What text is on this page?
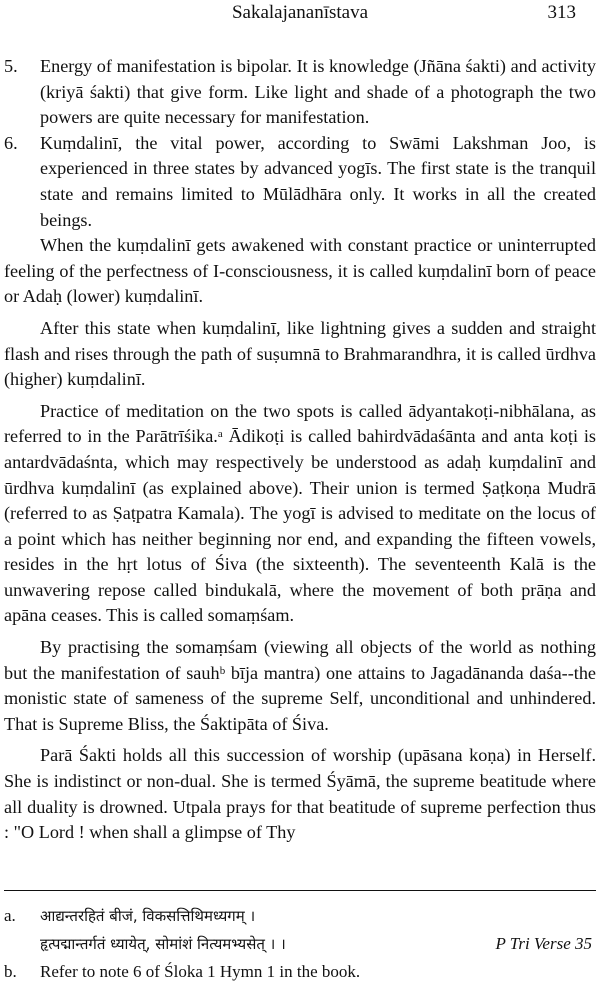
Sakalajananīstava	313

5. Energy of manifestation is bipolar. It is knowledge (Jñāna śakti) and activity (kriyā śakti) that give form. Like light and shade of a photograph the two powers are quite necessary for manifestation.

6. Kuṃdalinī, the vital power, according to Swāmi Lakshman Joo, is experienced in three states by advanced yogīs. The first state is the tranquil state and remains limited to Mūlādhāra only. It works in all the created beings.

When the kuṃdalinī gets awakened with constant practice or uninterrupted feeling of the perfectness of I-consciousness, it is called kuṃdalinī born of peace or Adaḥ (lower) kuṃdalinī.

After this state when kuṃdalinī, like lightning gives a sudden and straight flash and rises through the path of suṣumnā to Brahmarandhra, it is called ūrdhva (higher) kuṃdalinī.

Practice of meditation on the two spots is called ādyantakoṭi-nibhālana, as referred to in the Parātrīśika.ᵃ Ādikoṭi is called bahirdvādaśānta and anta koṭi is antardvādaśnta, which may respectively be understood as adaḥ kuṃdalinī and ūrdhva kuṃdalinī (as explained above). Their union is termed Ṣaṭkoṇa Mudrā (referred to as Ṣaṭpatra Kamala). The yogī is advised to meditate on the locus of a point which has neither beginning nor end, and expanding the fifteen vowels, resides in the hṛt lotus of Śiva (the sixteenth). The seventeenth Kalā is the unwavering repose called bindukalā, where the movement of both prāṇa and apāna ceases. This is called somaṃśam.

By practising the somaṃśam (viewing all objects of the world as nothing but the manifestation of sauhᵇ bīja mantra) one attains to Jagadānanda daśa--the monistic state of sameness of the supreme Self, unconditional and unhindered. That is Supreme Bliss, the Śaktipāta of Śiva.

Parā Śakti holds all this succession of worship (upāsana koṇa) in Herself. She is indistinct or non-dual. She is termed Śyāmā, the supreme beatitude where all duality is drowned. Utpala prays for that beatitude of supreme perfection thus : "O Lord ! when shall a glimpse of Thy

a. आद्यन्तरहितं बीजं, विकसत्तिथिमध्यगम् ।
हृत्पद्मान्तर्गतं ध्यायेत्, सोमांशं नित्यमभ्यसेत् । ।	P Tri Verse 35
b. Refer to note 6 of Śloka 1 Hymn 1 in the book.
